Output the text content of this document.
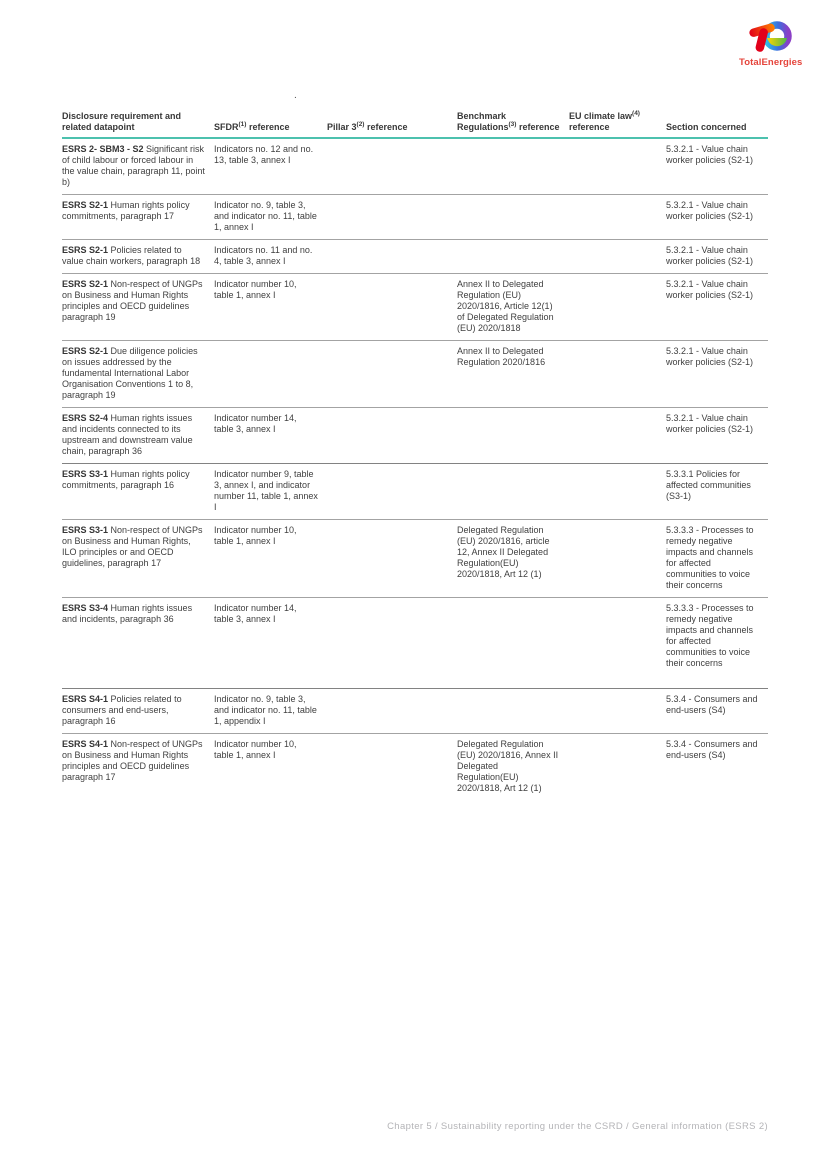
TotalEnergies
.
Disclosure requirement and related datapoint	SFDR$^{(1)}$ reference	Pillar 3$^{(2)}$ reference	Benchmark Regulations$^{(3)}$ reference	EU climate law$^{(4)}$ reference	Section concerned
ESRS 2- SBM3 - S2 Significant risk of child labour or forced labour in the value chain, paragraph 11, point b)	Indicators no. 12 and no. 13, table 3, annex I				5.3.2.1 - Value chain worker policies (S2-1)
ESRS S2-1 Human rights policy commitments, paragraph 17	Indicator no. 9, table 3, and indicator no. 11, table 1, annex I				5.3.2.1 - Value chain worker policies (S2-1)
ESRS S2-1 Policies related to value chain workers, paragraph 18	Indicators no. 11 and no. 4, table 3, annex I				5.3.2.1 - Value chain worker policies (S2-1)
ESRS S2-1 Non-respect of UNGPs on Business and Human Rights principles and OECD guidelines paragraph 19	Indicator number 10, table 1, annex I		Annex II to Delegated Regulation (EU) 2020/1816, Article 12(1) of Delegated Regulation (EU) 2020/1818		5.3.2.1 - Value chain worker policies (S2-1)
ESRS S2-1 Due diligence policies on issues addressed by the fundamental International Labor Organisation Conventions 1 to 8, paragraph 19			Annex II to Delegated Regulation 2020/1816		5.3.2.1 - Value chain worker policies (S2-1)
ESRS S2-4 Human rights issues and incidents connected to its upstream and downstream value chain, paragraph 36	Indicator number 14, table 3, annex I				5.3.2.1 - Value chain worker policies (S2-1)
ESRS S3-1 Human rights policy commitments, paragraph 16	Indicator number 9, table 3, annex I, and indicator number 11, table 1, annex I				5.3.3.1 Policies for affected communities (S3-1)
ESRS S3-1 Non-respect of UNGPs on Business and Human Rights, ILO principles or and OECD guidelines, paragraph 17	Indicator number 10, table 1, annex I		Delegated Regulation (EU) 2020/1816, article 12, Annex II Delegated Regulation(EU) 2020/1818, Art 12 (1)		5.3.3.3 - Processes to remedy negative impacts and channels for affected communities to voice their concerns
ESRS S3-4 Human rights issues and incidents, paragraph 36	Indicator number 14, table 3, annex I				5.3.3.3 - Processes to remedy negative impacts and channels for affected communities to voice their concerns
ESRS S4-1 Policies related to consumers and end-users, paragraph 16	Indicator no. 9, table 3, and indicator no. 11, table 1, appendix I				5.3.4 - Consumers and end-users (S4)
ESRS S4-1 Non-respect of UNGPs on Business and Human Rights principles and OECD guidelines paragraph 17	Indicator number 10, table 1, annex I		Delegated Regulation (EU) 2020/1816, Annex II Delegated Regulation(EU) 2020/1818, Art 12 (1)		5.3.4 - Consumers and end-users (S4)
Chapter 5 / Sustainability reporting under the CSRD / General information (ESRS 2)
